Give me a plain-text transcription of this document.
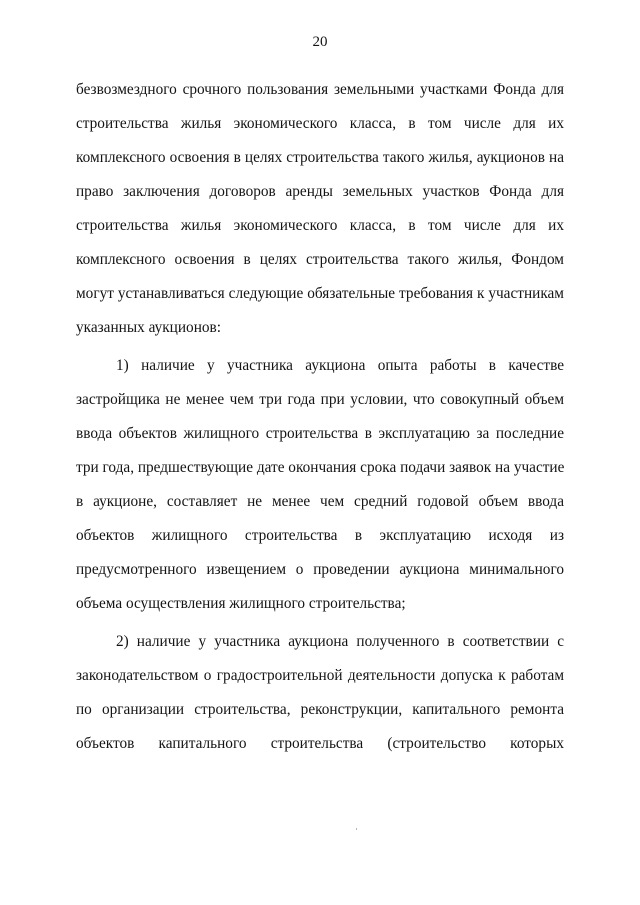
20
безвозмездного срочного пользования земельными участками Фонда для
строительства жилья экономического класса, в том числе для их
комплексного освоения в целях строительства такого жилья, аукционов на
право заключения договоров аренды земельных участков Фонда для
строительства жилья экономического класса, в том числе для их
комплексного освоения в целях строительства такого жилья, Фондом
могут устанавливаться следующие обязательные требования к участникам
указанных аукционов:
1) наличие у участника аукциона опыта работы в качестве
застройщика не менее чем три года при условии, что совокупный объем
ввода объектов жилищного строительства в эксплуатацию за последние
три года, предшествующие дате окончания срока подачи заявок на участие
в аукционе, составляет не менее чем средний годовой объем ввода
объектов жилищного строительства в эксплуатацию исходя из
предусмотренного извещением о проведении аукциона минимального
объема осуществления жилищного строительства;
2) наличие у участника аукциона полученного в соответствии с
законодательством о градостроительной деятельности допуска к работам
по организации строительства, реконструкции, капитального ремонта
объектов капитального строительства (строительство которых
